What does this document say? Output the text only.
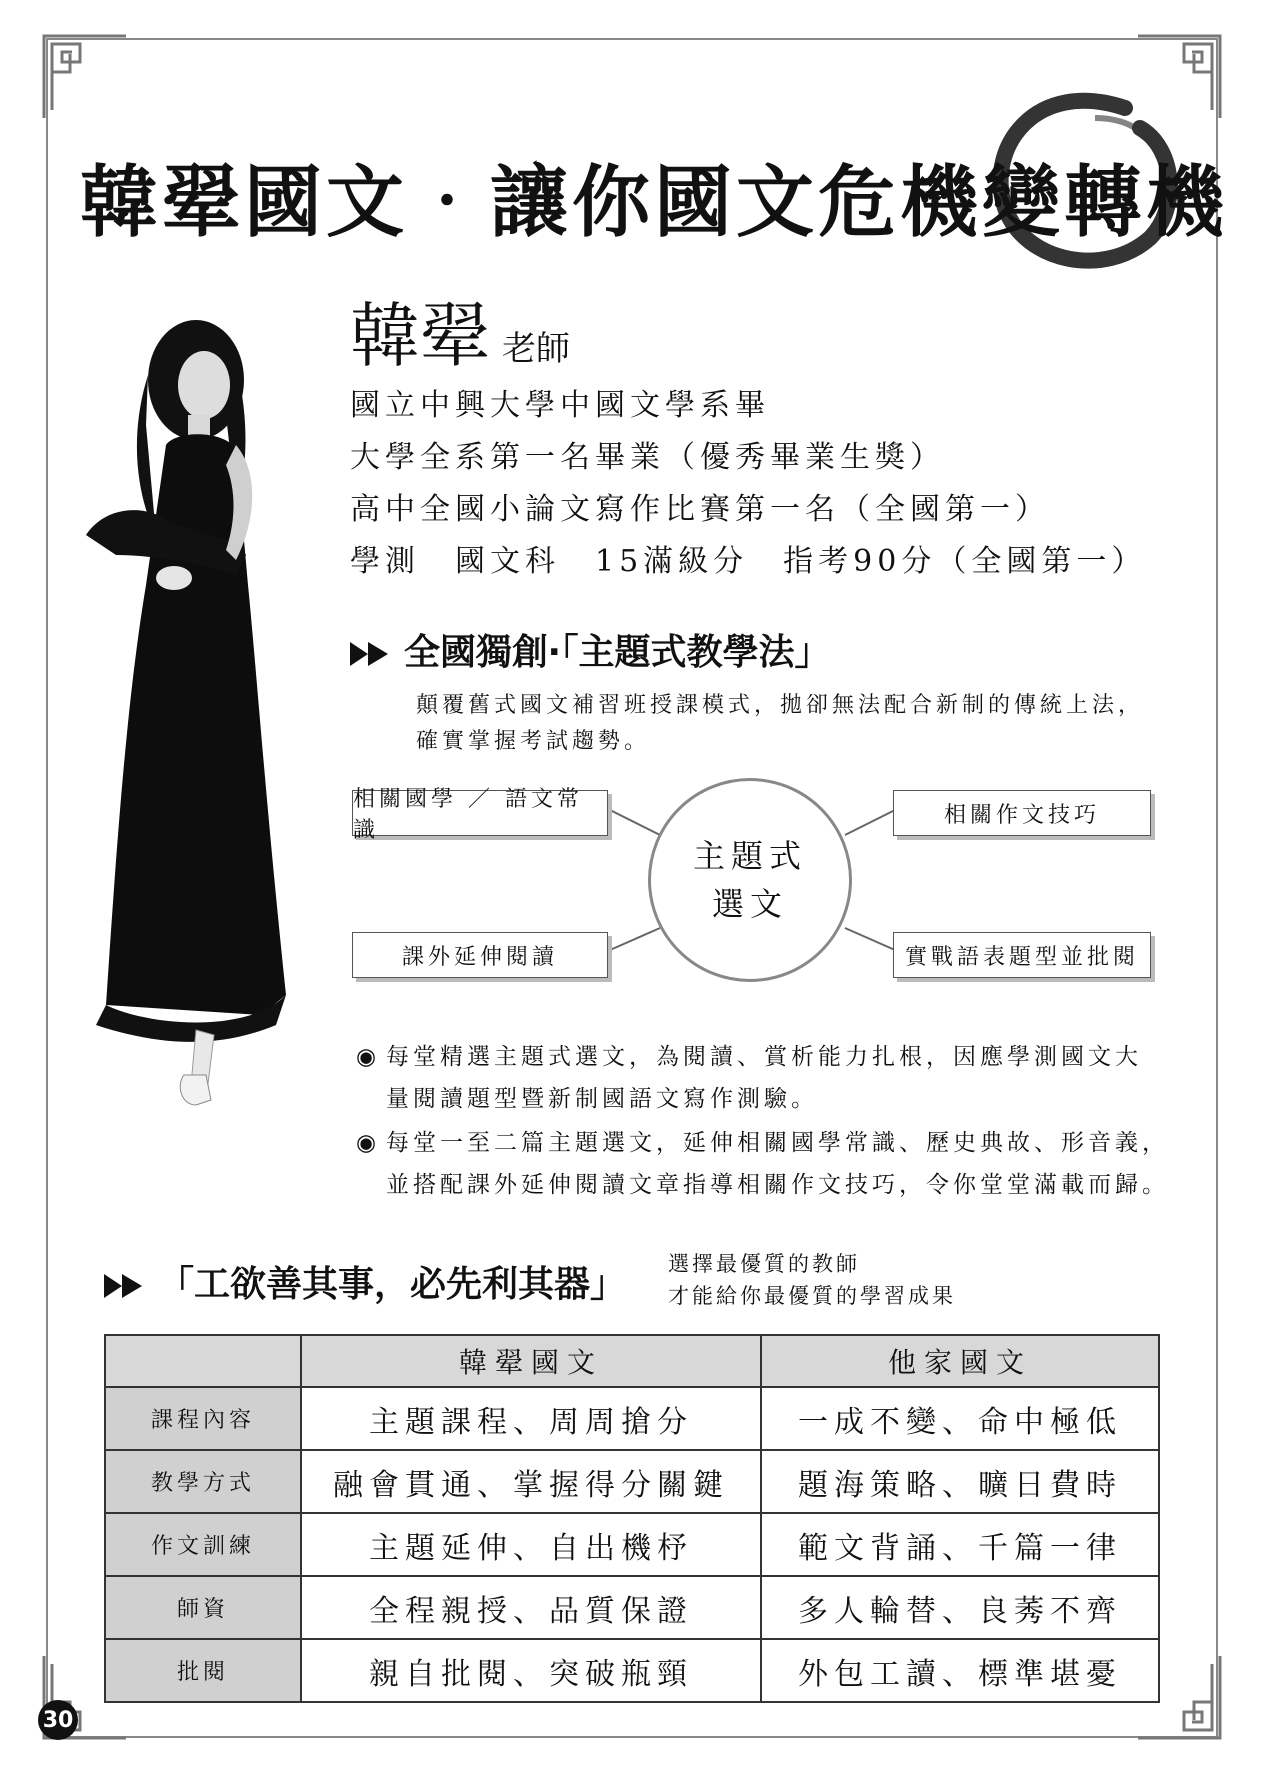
韓翚國文‧讓你國文危機變轉機
韓翚 老師
國立中興大學中國文學系畢
大學全系第一名畢業（優秀畢業生獎）
高中全國小論文寫作比賽第一名（全國第一）
學測　國文科　15滿級分　指考90分（全國第一）
全國獨創‧「主題式教學法」
顛覆舊式國文補習班授課模式，拋卻無法配合新制的傳統上法，
確實掌握考試趨勢。
相關國學 ／ 語文常識
相關作文技巧
課外延伸閱讀	實戰語表題型並批閱
主題式
選文
◉ 每堂精選主題式選文，為閱讀、賞析能力扎根，因應學測國文大
量閱讀題型暨新制國語文寫作測驗。
◉ 每堂一至二篇主題選文，延伸相關國學常識、歷史典故、形音義，
並搭配課外延伸閱讀文章指導相關作文技巧，令你堂堂滿載而歸。
「工欲善其事，必先利其器」 選擇最優質的教師
才能給你最優質的學習成果
	韓翚國文	他家國文
課程內容	主題課程、周周搶分	一成不變、命中極低
教學方式	融會貫通、掌握得分關鍵	題海策略、曠日費時
作文訓練	主題延伸、自出機杼	範文背誦、千篇一律
師資	全程親授、品質保證	多人輪替、良莠不齊
批閱	親自批閱、突破瓶頸	外包工讀、標準堪憂
30
